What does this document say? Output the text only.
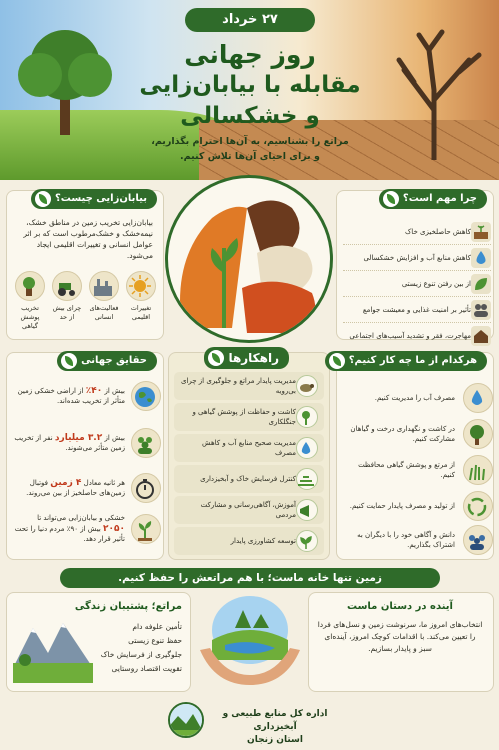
۲۷ خرداد
روز جهانی
مقابله با بیابان‌زایی
و خشکسالی
مراتع را بشناسیم، به آن‌ها احترام بگذاریم،
و برای احیای آن‌ها تلاش کنیم.
بیابان‌زایی چیست؟
بیابان‌زایی تخریب زمین در مناطق خشک، نیمه‌خشک و خشک‌مرطوب است که بر اثر عوامل انسانی و تغییرات اقلیمی ایجاد می‌شود.
تغییرات اقلیمی
فعالیت‌های انسانی
چرای بیش از حد
تخریب پوشش گیاهی
چرا مهم است؟
کاهش حاصلخیزی خاک
کاهش منابع آب و افزایش خشکسالی
از بین رفتن تنوع زیستی
تأثیر بر امنیت غذایی و معیشت جوامع
مهاجرت، فقر و تشدید آسیب‌های اجتماعی
حقایق جهانی
بیش از ۴۰٪ از اراضی خشکی زمین متأثر از تخریب شده‌اند.
بیش از ۳.۲ میلیارد نفر از تخریب زمین متأثر می‌شوند.
هر ثانیه معادل ۴ زمین فوتبال زمین‌های حاصلخیز از بین می‌روند.
خشکی و بیابان‌زایی می‌تواند تا ۲۰۵۰ بیش از ۹۰٪ مردم دنیا را تحت تأثیر قرار دهد.
راهکارها
مدیریت پایدار مراتع و جلوگیری از چرای بی‌رویه
کاشت و حفاظت از پوشش گیاهی و جنگلکاری
مدیریت صحیح منابع آب و کاهش مصرف
کنترل فرسایش خاک و آبخیزداری
آموزش، آگاهی‌رسانی و مشارکت مردمی
توسعه کشاورزی پایدار
هرکدام از ما چه کار کنیم؟
مصرف آب را مدیریت کنیم.
در کاشت و نگهداری درخت و گیاهان مشارکت کنیم.
از مرتع و پوشش گیاهی محافظت کنیم.
از تولید و مصرف پایدار حمایت کنیم.
دانش و آگاهی خود را با دیگران به اشتراک بگذاریم.
زمین تنها خانه ماست؛ با هم مراتعش را حفظ کنیم.
مراتع؛ پشتیبان زندگی
تأمین علوفه دام
حفظ تنوع زیستی
جلوگیری از فرسایش خاک
تقویت اقتصاد روستایی
آینده در دستان ماست
انتخاب‌های امروز ما، سرنوشت زمین و نسل‌های فردا را تعیین می‌کند. با اقدامات کوچک امروز، آینده‌ای سبز و پایدار بسازیم.
اداره کل منابع طبیعی و آبخیزداری
استان زنجان
